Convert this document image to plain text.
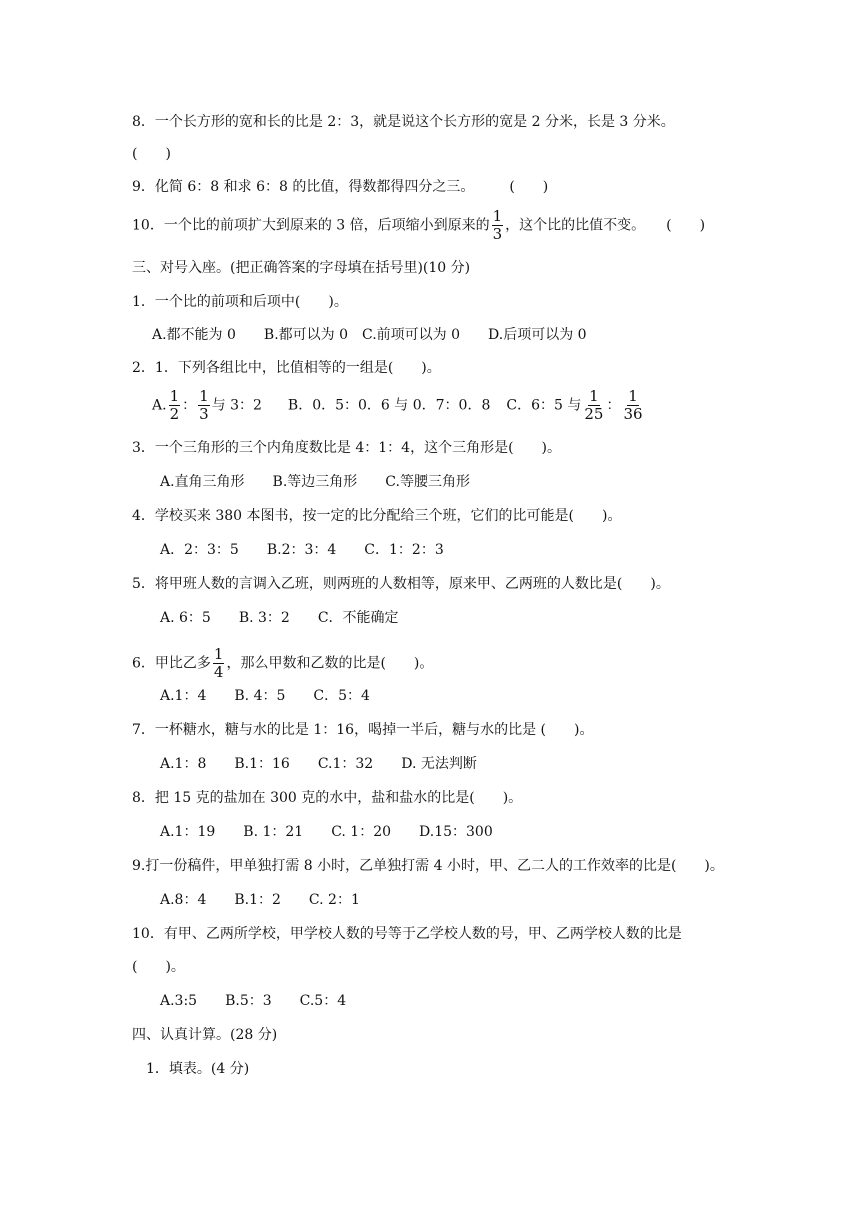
8．一个长方形的宽和长的比是 2：3，就是说这个长方形的宽是 2 分米，长是 3 分米。
(　　)
9．化简 6：8 和求 6：8 的比值，得数都得四分之三。　　　(　　)
10．一个比的前项扩大到原来的 3 倍，后项缩小到原来的 $\frac{1}{3}$ ，这个比的比值不变。　　(　　)
三、对号入座。(把正确答案的字母填在括号里)(10 分)
1．一个比的前项和后项中(　　)。
A.都不能为 0　　B.都可以为 0　C.前项可以为 0　　D.后项可以为 0
2．1．下列各组比中，比值相等的一组是(　　)。
A. $\frac{1}{2}$ ： $\frac{1}{3}$ 与 3：2 B．0．5：0．6 与 0．7：0．8 C．6：5 与 $\frac{1}{25}$ ： $\frac{1}{36}$
3．一个三角形的三个内角度数比是 4：1：4，这个三角形是(　　)。
A.直角三角形　　B.等边三角形　　C.等腰三角形
4．学校买来 380 本图书，按一定的比分配给三个班，它们的比可能是(　　)。
A．2：3：5　　B.2：3：4　　C．1：2：3
5．将甲班人数的言调入乙班，则两班的人数相等，原来甲、乙两班的人数比是(　　)。
A. 6：5　　B. 3：2　　C．不能确定
6．甲比乙多 $\frac{1}{4}$ ，那么甲数和乙数的比是(　　)。
A.1：4　　B. 4：5　　C．5：4
7．一杯糖水，糖与水的比是 1：16，喝掉一半后，糖与水的比是 (　　)。
A.1：8　　B.1：16　　C.1：32　　D. 无法判断
8．把 15 克的盐加在 300 克的水中，盐和盐水的比是(　　)。
A.1：19　　B. 1：21　　C. 1：20　　D.15：300
9.打一份稿件，甲单独打需 8 小时，乙单独打需 4 小时，甲、乙二人的工作效率的比是(　　)。
A.8：4　　B.1：2　　C. 2：1
10．有甲、乙两所学校，甲学校人数的号等于乙学校人数的号，甲、乙两学校人数的比是
(　　)。
A.3:5　　B.5：3　　C.5：4
四、认真计算。(28 分)
1．填表。(4 分)
